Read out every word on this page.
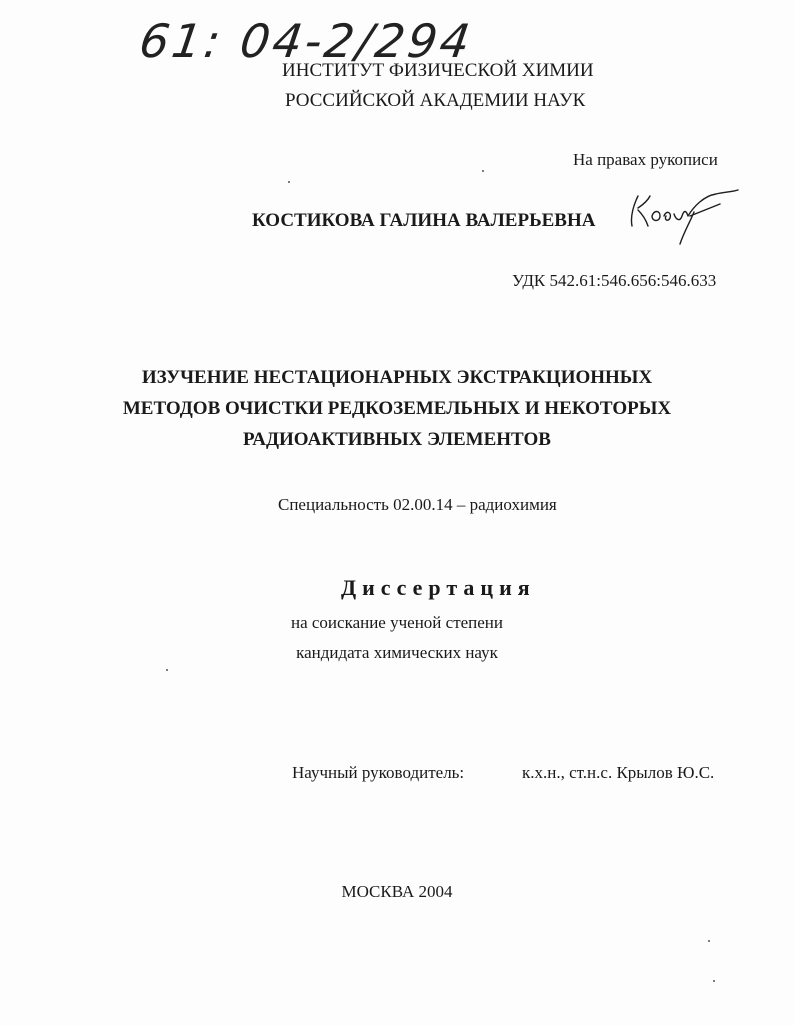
61: 04-2/294
ИНСТИТУТ ФИЗИЧЕСКОЙ ХИМИИ
РОССИЙСКОЙ АКАДЕМИИ НАУК
На правах рукописи
КОСТИКОВА ГАЛИНА ВАЛЕРЬЕВНА
УДК 542.61:546.656:546.633
ИЗУЧЕНИЕ НЕСТАЦИОНАРНЫХ ЭКСТРАКЦИОННЫХ
МЕТОДОВ ОЧИСТКИ РЕДКОЗЕМЕЛЬНЫХ И НЕКОТОРЫХ
РАДИОАКТИВНЫХ ЭЛЕМЕНТОВ
Специальность 02.00.14 – радиохимия
Диссертация
на соискание ученой степени
кандидата химических наук
Научный руководитель:	к.х.н., ст.н.с. Крылов Ю.С.
МОСКВА 2004
